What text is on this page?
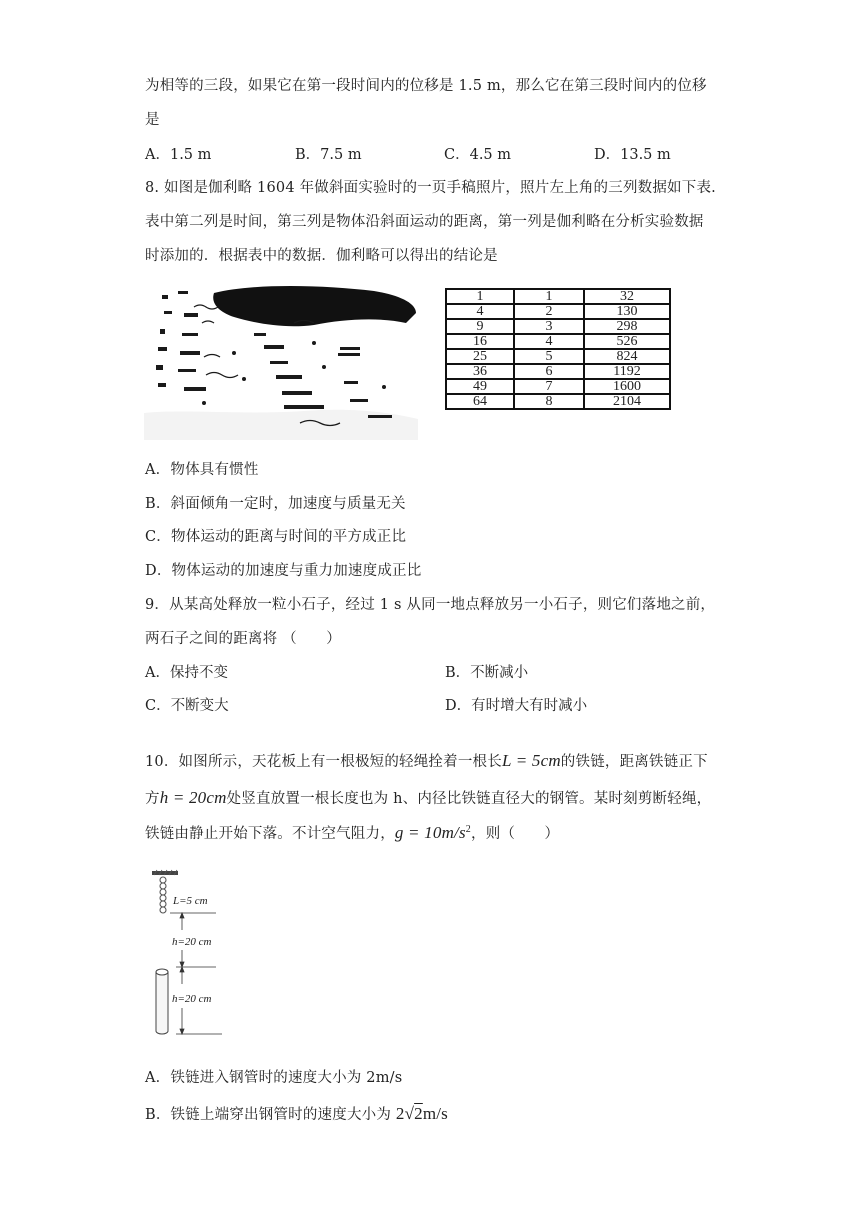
为相等的三段，如果它在第一段时间内的位移是 1.5 m，那么它在第三段时间内的位移
是
A．1.5 m	B．7.5 m	C．4.5 m	D．13.5 m
8. 如图是伽利略 1604 年做斜面实验时的一页手稿照片，照片左上角的三列数据如下表.
表中第二列是时间，第三列是物体沿斜面运动的距离，第一列是伽利略在分析实验数据
时添加的．根据表中的数据．伽利略可以得出的结论是
1	1	32
4	2	130
9	3	298
16	4	526
25	5	824
36	6	1192
49	7	1600
64	8	2104
A．物体具有惯性
B．斜面倾角一定时，加速度与质量无关
C．物体运动的距离与时间的平方成正比
D．物体运动的加速度与重力加速度成正比
9．从某高处释放一粒小石子，经过 1 s 从同一地点释放另一小石子，则它们落地之前，
两石子之间的距离将 （　　）
A．保持不变	B．不断减小
C．不断变大	D．有时增大有时减小
10．如图所示，天花板上有一根极短的轻绳拴着一根长L = 5cm的铁链，距离铁链正下
方h = 20cm处竖直放置一根长度也为 h、内径比铁链直径大的钢管。某时刻剪断轻绳，
铁链由静止开始下落。不计空气阻力，$g = 10m/s^2$，则（　　）
L=5 cm
h=20 cm
h=20 cm
A．铁链进入钢管时的速度大小为 2m/s
B．铁链上端穿出钢管时的速度大小为 2√2m/s
